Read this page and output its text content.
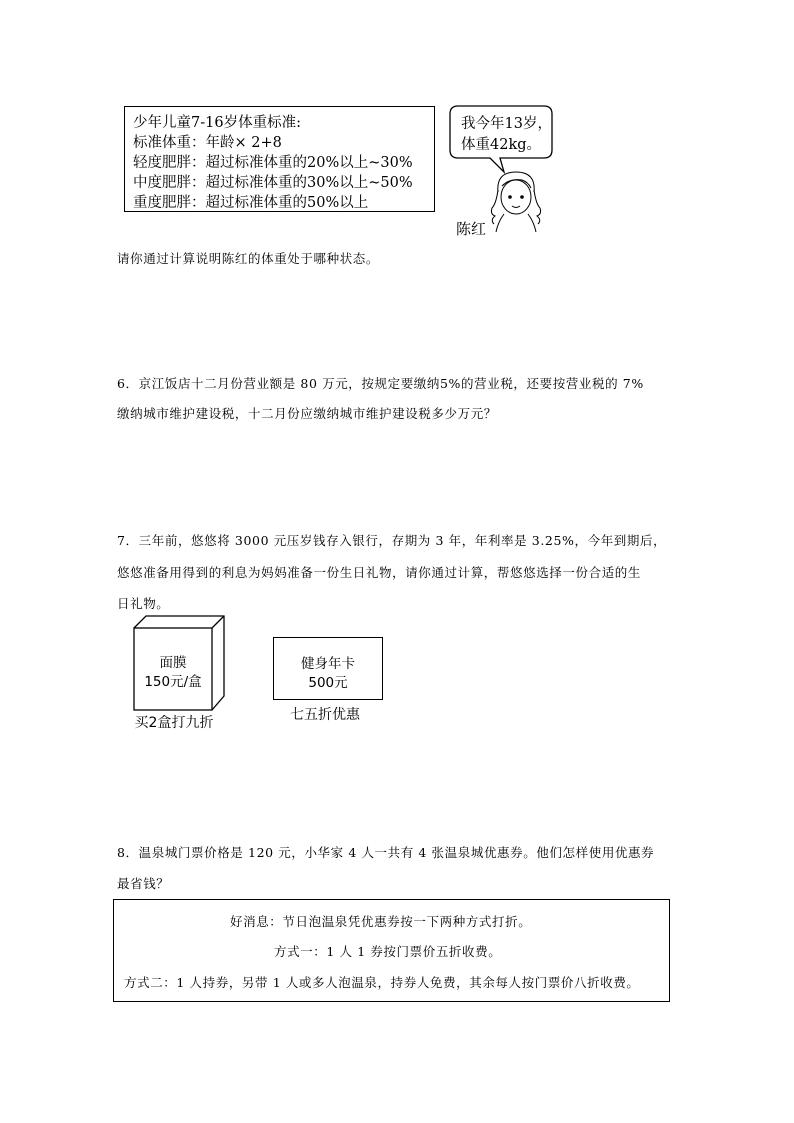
少年儿童7-16岁体重标准:
标准体重：年龄× 2+8
轻度肥胖：超过标准体重的20%以上~30%
中度肥胖：超过标准体重的30%以上~50%
重度肥胖：超过标准体重的50%以上
我今年13岁，
体重42kg。
陈红
请你通过计算说明陈红的体重处于哪种状态。
6．京江饭店十二月份营业额是 80 万元，按规定要缴纳5%的营业税，还要按营业税的 7%
缴纳城市维护建设税，十二月份应缴纳城市维护建设税多少万元？
7．三年前，悠悠将 3000 元压岁钱存入银行，存期为 3 年，年利率是 3.25%，今年到期后，
悠悠准备用得到的利息为妈妈准备一份生日礼物，请你通过计算，帮悠悠选择一份合适的生
日礼物。
面膜
150元/盒
买2盒打九折
健身年卡
500元
七五折优惠
8．温泉城门票价格是 120 元，小华家 4 人一共有 4 张温泉城优惠券。他们怎样使用优惠券
最省钱？
好消息：节日泡温泉凭优惠券按一下两种方式打折。
方式一：1 人 1 券按门票价五折收费。
方式二：1 人持券，另带 1 人或多人泡温泉，持券人免费，其余每人按门票价八折收费。
